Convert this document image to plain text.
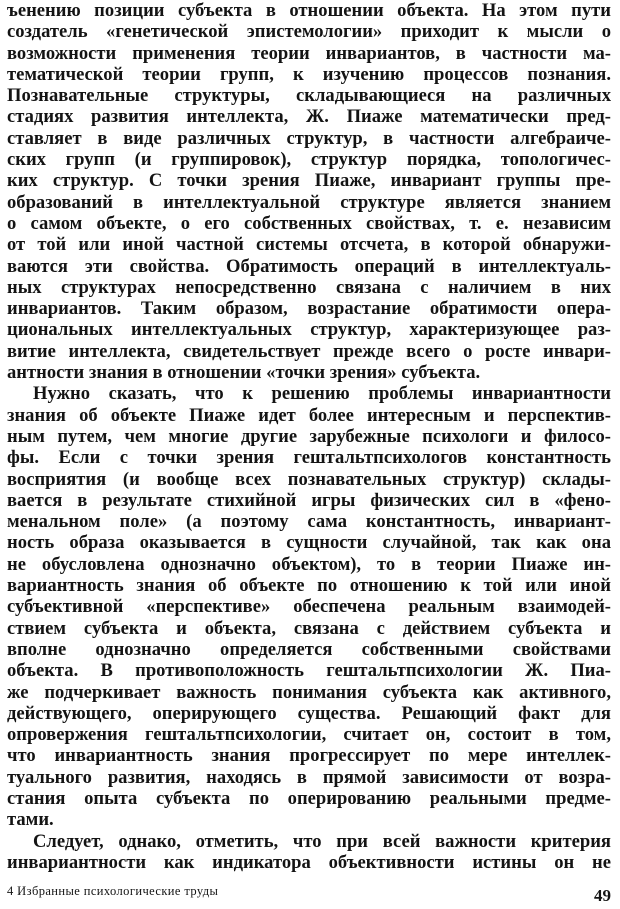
ъенению позиции субъекта в отношении объекта. На этом пути
создатель «генетической эпистемологии» приходит к мысли о
возможности применения теории инвариантов, в частности ма-
тематической теории групп, к изучению процессов познания.
Познавательные структуры, складывающиеся на различных
стадиях развития интеллекта, Ж. Пиаже математически пред-
ставляет в виде различных структур, в частности алгебраиче-
ских групп (и группировок), структур порядка, топологичес-
ких структур. С точки зрения Пиаже, инвариант группы пре-
образований в интеллектуальной структуре является знанием
о самом объекте, о его собственных свойствах, т. е. независим
от той или иной частной системы отсчета, в которой обнаружи-
ваются эти свойства. Обратимость операций в интеллектуаль-
ных структурах непосредственно связана с наличием в них
инвариантов. Таким образом, возрастание обратимости опера-
циональных интеллектуальных структур, характеризующее раз-
витие интеллекта, свидетельствует прежде всего о росте инвари-
антности знания в отношении «точки зрения» субъекта.
Нужно сказать, что к решению проблемы инвариантности
знания об объекте Пиаже идет более интересным и перспектив-
ным путем, чем многие другие зарубежные психологи и филосо-
фы. Если с точки зрения гештальтпсихологов константность
восприятия (и вообще всех познавательных структур) склады-
вается в результате стихийной игры физических сил в «фено-
менальном поле» (а поэтому сама константность, инвариант-
ность образа оказывается в сущности случайной, так как она
не обусловлена однозначно объектом), то в теории Пиаже ин-
вариантность знания об объекте по отношению к той или иной
субъективной «перспективе» обеспечена реальным взаимодей-
ствием субъекта и объекта, связана с действием субъекта и
вполне однозначно определяется собственными свойствами
объекта. В противоположность гештальтпсихологии Ж. Пиа-
же подчеркивает важность понимания субъекта как активного,
действующего, оперирующего существа. Решающий факт для
опровержения гештальтпсихологии, считает он, состоит в том,
что инвариантность знания прогрессирует по мере интеллек-
туального развития, находясь в прямой зависимости от возра-
стания опыта субъекта по оперированию реальными предме-
тами.
Следует, однако, отметить, что при всей важности критерия
инвариантности как индикатора объективности истины он не
4 Избранные психологические труды	49
